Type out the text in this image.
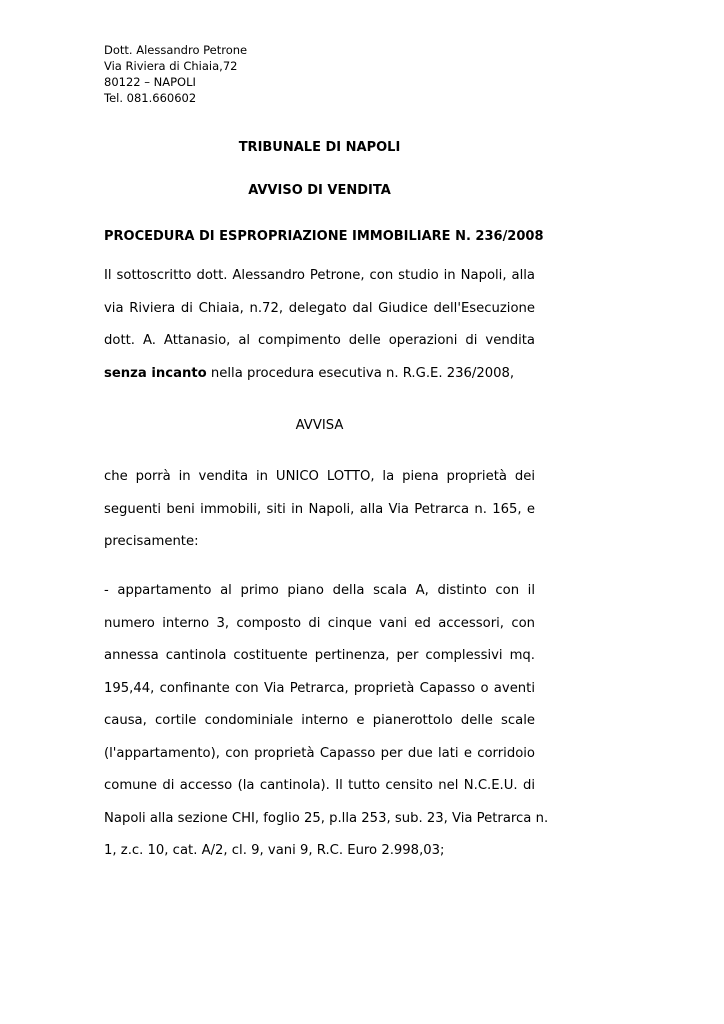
Dott. Alessandro Petrone
Via Riviera di Chiaia,72
80122 – NAPOLI
Tel. 081.660602
TRIBUNALE DI NAPOLI
AVVISO DI VENDITA
PROCEDURA DI ESPROPRIAZIONE IMMOBILIARE N. 236/2008
Il sottoscritto dott. Alessandro Petrone, con studio in Napoli, alla
via Riviera di Chiaia, n.72, delegato dal Giudice dell'Esecuzione
dott. A. Attanasio, al compimento delle operazioni di vendita
senza incanto nella procedura esecutiva n. R.G.E. 236/2008,
AVVISA
che porrà in vendita in UNICO LOTTO, la piena proprietà dei
seguenti beni immobili, siti in Napoli, alla Via Petrarca n. 165, e
precisamente:
- appartamento al primo piano della scala A, distinto con il
numero interno 3, composto di cinque vani ed accessori, con
annessa cantinola costituente pertinenza, per complessivi mq.
195,44, confinante con Via Petrarca, proprietà Capasso o aventi
causa, cortile condominiale interno e pianerottolo delle scale
(l'appartamento), con proprietà Capasso per due lati e corridoio
comune di accesso (la cantinola). Il tutto censito nel N.C.E.U. di
Napoli alla sezione CHI, foglio 25, p.lla 253, sub. 23, Via Petrarca n.
1, z.c. 10, cat. A/2, cl. 9, vani 9, R.C. Euro 2.998,03;
